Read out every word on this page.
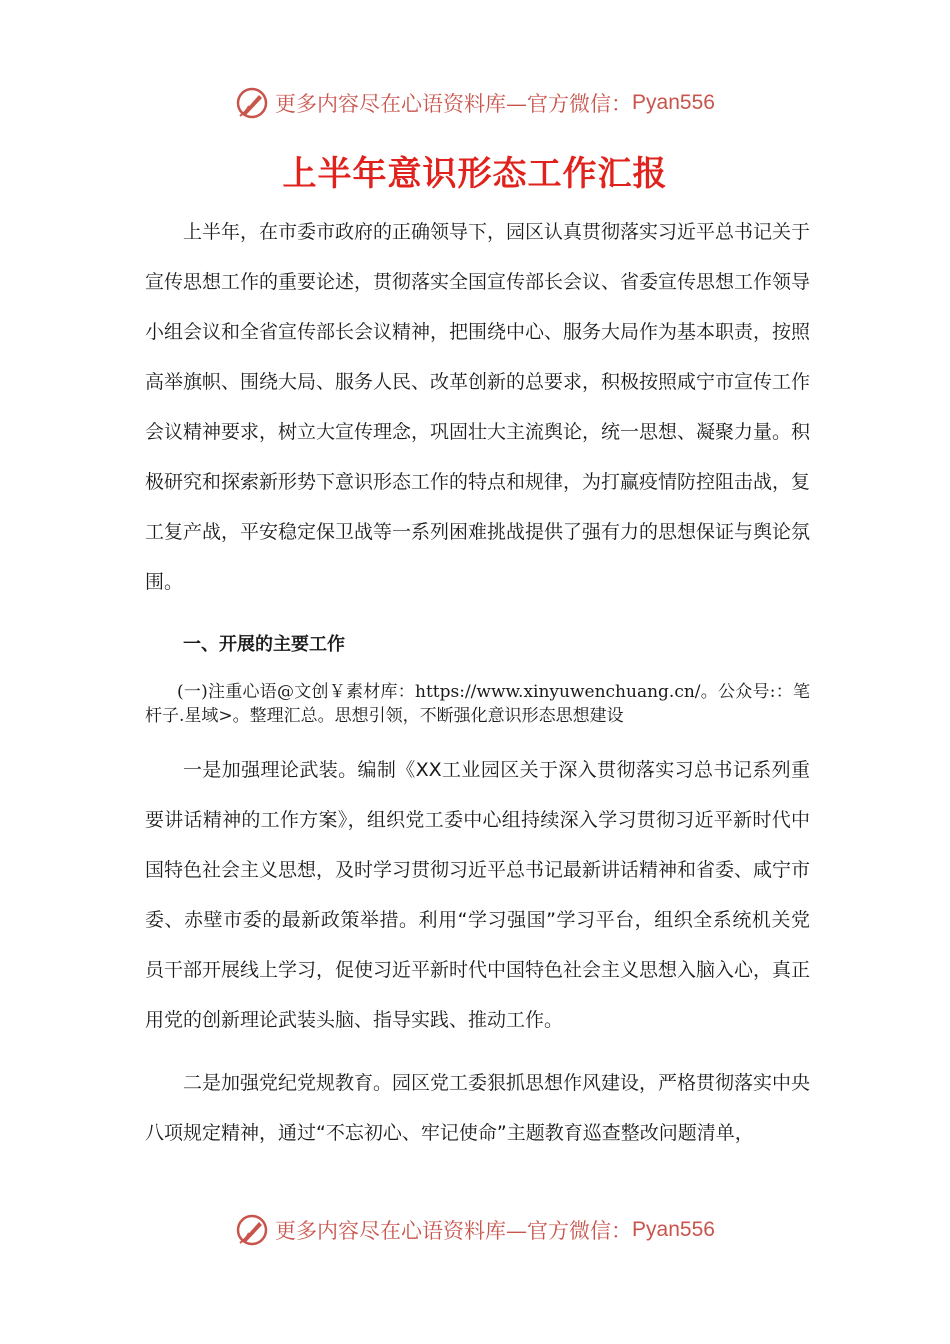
更多内容尽在心语资料库—官方微信： Pyan556
上半年意识形态工作汇报

上半年，在市委市政府的正确领导下，园区认真贯彻落实习近平总书记关于宣传思想工作的重要论述，贯彻落实全国宣传部长会议、省委宣传思想工作领导小组会议和全省宣传部长会议精神，把围绕中心、服务大局作为基本职责，按照高举旗帜、围绕大局、服务人民、改革创新的总要求，积极按照咸宁市宣传工作会议精神要求，树立大宣传理念，巩固壮大主流舆论，统一思想、凝聚力量。积极研究和探索新形势下意识形态工作的特点和规律，为打赢疫情防控阻击战，复工复产战，平安稳定保卫战等一系列困难挑战提供了强有力的思想保证与舆论氛围。

一、开展的主要工作

(一)注重心语@文创￥素材库：https://www.xinyuwenchuang.cn/。公众号:：笔杆子.星域>。整理汇总。思想引领，不断强化意识形态思想建设

一是加强理论武装。编制《XX工业园区关于深入贯彻落实习总书记系列重要讲话精神的工作方案》，组织党工委中心组持续深入学习贯彻习近平新时代中国特色社会主义思想，及时学习贯彻习近平总书记最新讲话精神和省委、咸宁市委、赤壁市委的最新政策举措。利用“学习强国”学习平台，组织全系统机关党员干部开展线上学习，促使习近平新时代中国特色社会主义思想入脑入心，真正用党的创新理论武装头脑、指导实践、推动工作。

二是加强党纪党规教育。园区党工委狠抓思想作风建设，严格贯彻落实中央八项规定精神，通过“不忘初心、牢记使命”主题教育巡查整改问题清单，

更多内容尽在心语资料库—官方微信： Pyan556
